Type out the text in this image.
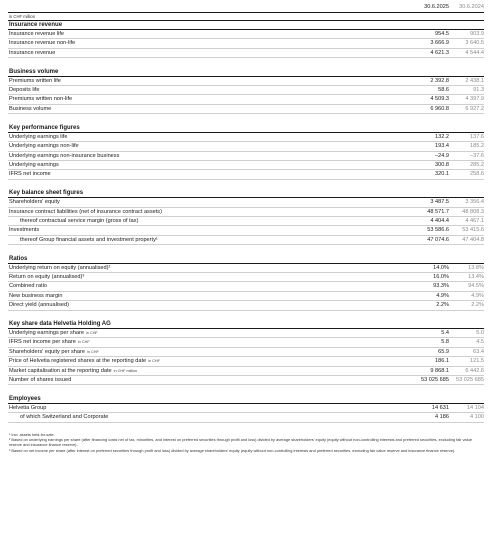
30.6.2025	30.6.2024
in CHF million
Insurance revenue
Insurance revenue life	954.5	903.9
Insurance revenue non-life	3 666.9	3 640.5
Insurance revenue	4 621.3	4 544.4
Business volume
Premiums written life	2 392.8	2 438.1
Deposits life	58.6	91.3
Premiums written non-life	4 509.3	4 397.9
Business volume	6 960.8	6 927.2
Key performance figures
Underlying earnings life	132.2	137.6
Underlying earnings non-life	193.4	185.2
Underlying earnings non-insurance business	–24.9	–37.6
Underlying earnings	300.8	285.2
IFRS net income	320.1	258.6
Key balance sheet figures
Shareholders' equity	3 487.5	3 356.4
Insurance contract liabilities (net of insurance contract assets)	48 571.7	48 808.3
thereof contractual service margin (gross of tax)	4 404.4	4 467.1
Investments	53 586.6	53 415.6
thereof Group financial assets and investment property¹	47 074.6	47 404.8
Ratios
Underlying return on equity (annualised)²	14.0%	13.8%
Return on equity (annualised)³	16.0%	13.4%
Combined ratio	93.3%	94.5%
New business margin	4.9%	4.9%
Direct yield (annualised)	2.2%	2.2%
Key share data Helvetia Holding AG
Underlying earnings per share in CHF	5.4	5.0
IFRS net income per share in CHF	5.8	4.5
Shareholders' equity per share in CHF	65.9	63.4
Price of Helvetia registered shares at the reporting date in CHF	186.1	121.5
Market capitalisation at the reporting date in CHF million	9 868.1	6 442.6
Number of shares issued	53 025 685	53 025 685
Employees
Helvetia Group	14 631	14 104
of which Switzerland and Corporate	4 186	4 100
¹ Incl. assets held-for-sale.
² Based on underlying earnings per share (after financing costs net of tax, minorities, and interest on preferred securities through profit and loss) divided by average shareholders' equity (equity without non-controlling interests and preferred securities, excluding fair value reserve and insurance finance reserve).
³ Based on net income per share (after interest on preferred securities through profit and loss) divided by average shareholders' equity (equity without non-controlling interests and preferred securities, excluding fair value reserve and insurance finance reserve).
